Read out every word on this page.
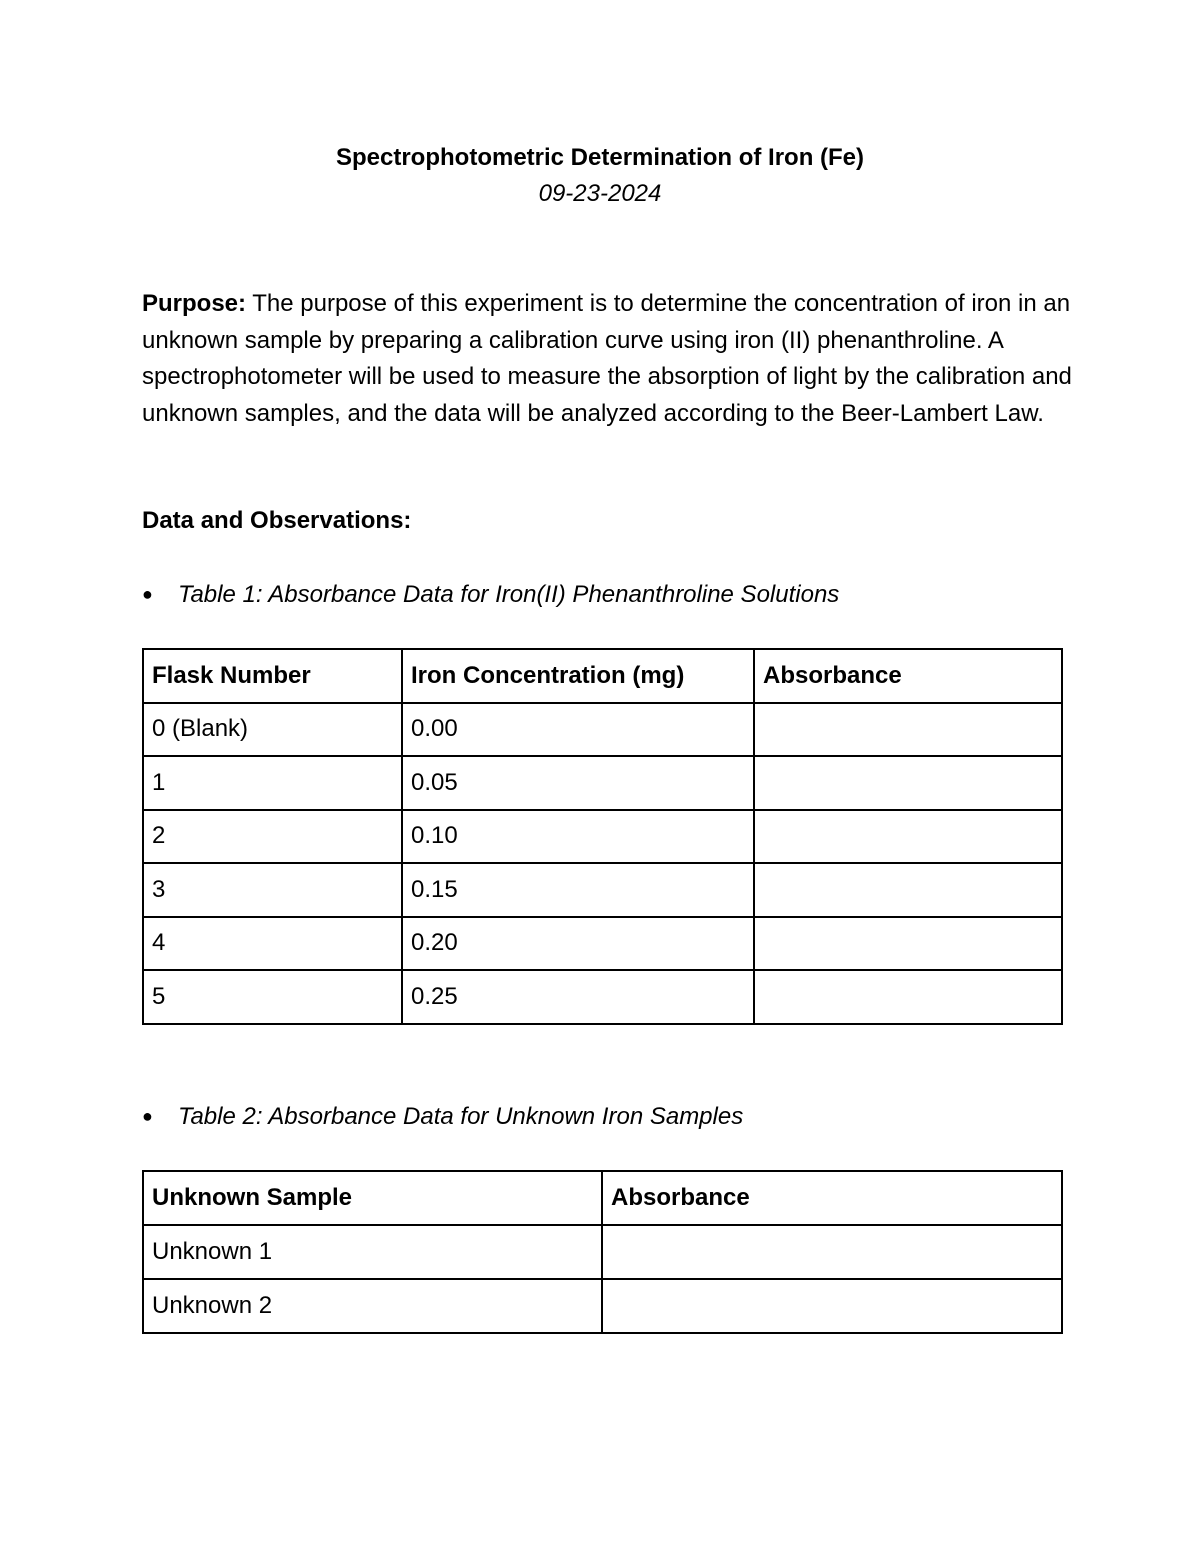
Spectrophotometric Determination of Iron (Fe)
09-23-2024

Purpose: The purpose of this experiment is to determine the concentration of iron in an unknown sample by preparing a calibration curve using iron (II) phenanthroline. A spectrophotometer will be used to measure the absorption of light by the calibration and unknown samples, and the data will be analyzed according to the Beer-Lambert Law.

Data and Observations:
● Table 1: Absorbance Data for Iron(II) Phenanthroline Solutions
Flask Number	Iron Concentration (mg)	Absorbance
0 (Blank)	0.00	
1	0.05	
2	0.10	
3	0.15	
4	0.20	
5	0.25	
● Table 2: Absorbance Data for Unknown Iron Samples
Unknown Sample	Absorbance
Unknown 1	
Unknown 2	
